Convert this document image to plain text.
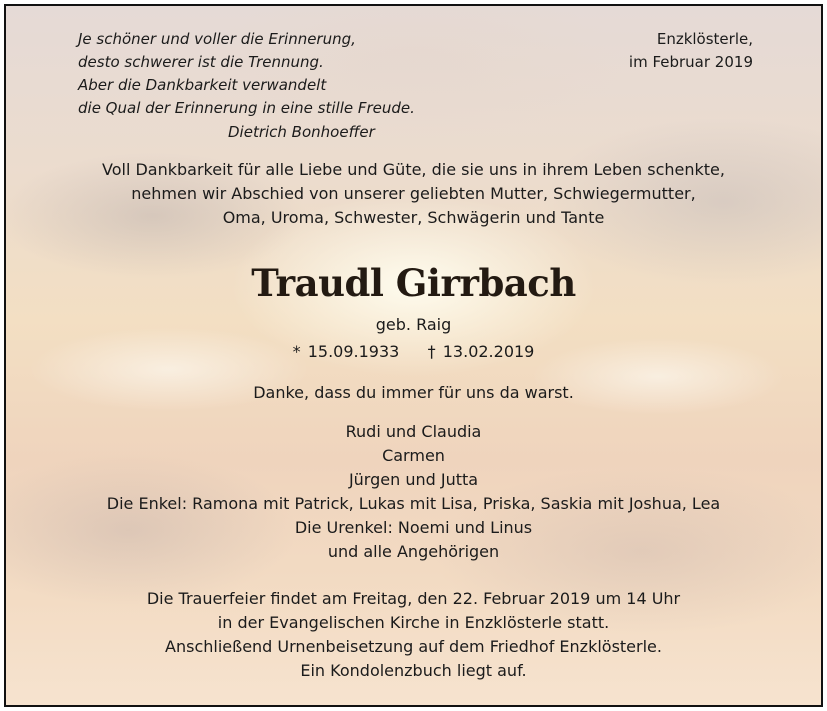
Je schöner und voller die Erinnerung,
desto schwerer ist die Trennung.
Aber die Dankbarkeit verwandelt
die Qual der Erinnerung in eine stille Freude.
Dietrich Bonhoeffer
Enzklösterle,
im Februar 2019
Voll Dankbarkeit für alle Liebe und Güte, die sie uns in ihrem Leben schenkte,
nehmen wir Abschied von unserer geliebten Mutter, Schwiegermutter,
Oma, Uroma, Schwester, Schwägerin und Tante
Traudl Girrbach
geb. Raig
* 15.09.1933    † 13.02.2019
Danke, dass du immer für uns da warst.
Rudi und Claudia
Carmen
Jürgen und Jutta
Die Enkel: Ramona mit Patrick, Lukas mit Lisa, Priska, Saskia mit Joshua, Lea
Die Urenkel: Noemi und Linus
und alle Angehörigen
Die Trauerfeier findet am Freitag, den 22. Februar 2019 um 14 Uhr
in der Evangelischen Kirche in Enzklösterle statt.
Anschließend Urnenbeisetzung auf dem Friedhof Enzklösterle.
Ein Kondolenzbuch liegt auf.
